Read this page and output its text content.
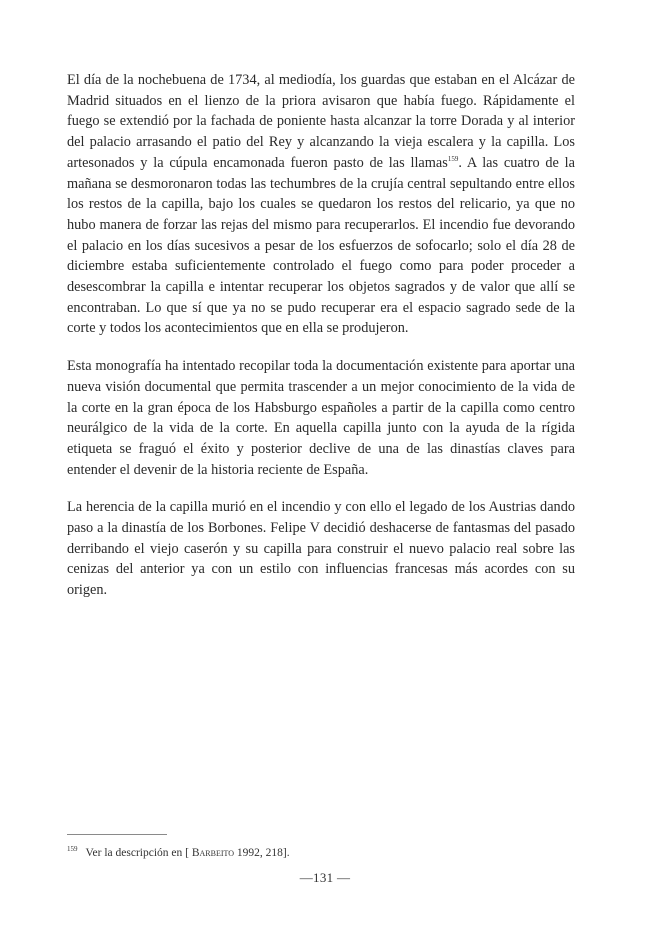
El día de la nochebuena de 1734, al mediodía, los guardas que estaban en el Alcázar de Madrid situados en el lienzo de la priora avisaron que había fuego. Rápidamente el fuego se extendió por la fachada de poniente hasta alcanzar la torre Dorada y al interior del palacio arrasando el patio del Rey y alcanzando la vieja escalera y la capilla. Los artesonados y la cúpula encamonada fueron pasto de las llamas$^{159}$. A las cuatro de la mañana se desmoronaron todas las techumbres de la crujía central sepultando entre ellos los restos de la capilla, bajo los cuales se quedaron los restos del relicario, ya que no hubo manera de forzar las rejas del mismo para recuperarlos. El incendio fue devorando el palacio en los días sucesivos a pesar de los esfuerzos de sofocarlo; solo el día 28 de diciembre estaba suficientemente controlado el fuego como para poder proceder a desescombrar la capilla e intentar recuperar los objetos sagrados y de valor que allí se encontraban. Lo que sí que ya no se pudo recuperar era el espacio sagrado sede de la corte y todos los acontecimientos que en ella se produjeron.

Esta monografía ha intentado recopilar toda la documentación existente para aportar una nueva visión documental que permita trascender a un mejor conocimiento de la vida de la corte en la gran época de los Habsburgo españoles a partir de la capilla como centro neurálgico de la vida de la corte. En aquella capilla junto con la ayuda de la rígida etiqueta se fraguó el éxito y posterior declive de una de las dinastías claves para entender el devenir de la historia reciente de España.

La herencia de la capilla murió en el incendio y con ello el legado de los Austrias dando paso a la dinastía de los Borbones. Felipe V decidió deshacerse de fantasmas del pasado derribando el viejo caserón y su capilla para construir el nuevo palacio real sobre las cenizas del anterior ya con un estilo con influencias francesas más acordes con su origen.

$^{159}$ Ver la descripción en [ Barbeito 1992, 218].
—131 —
